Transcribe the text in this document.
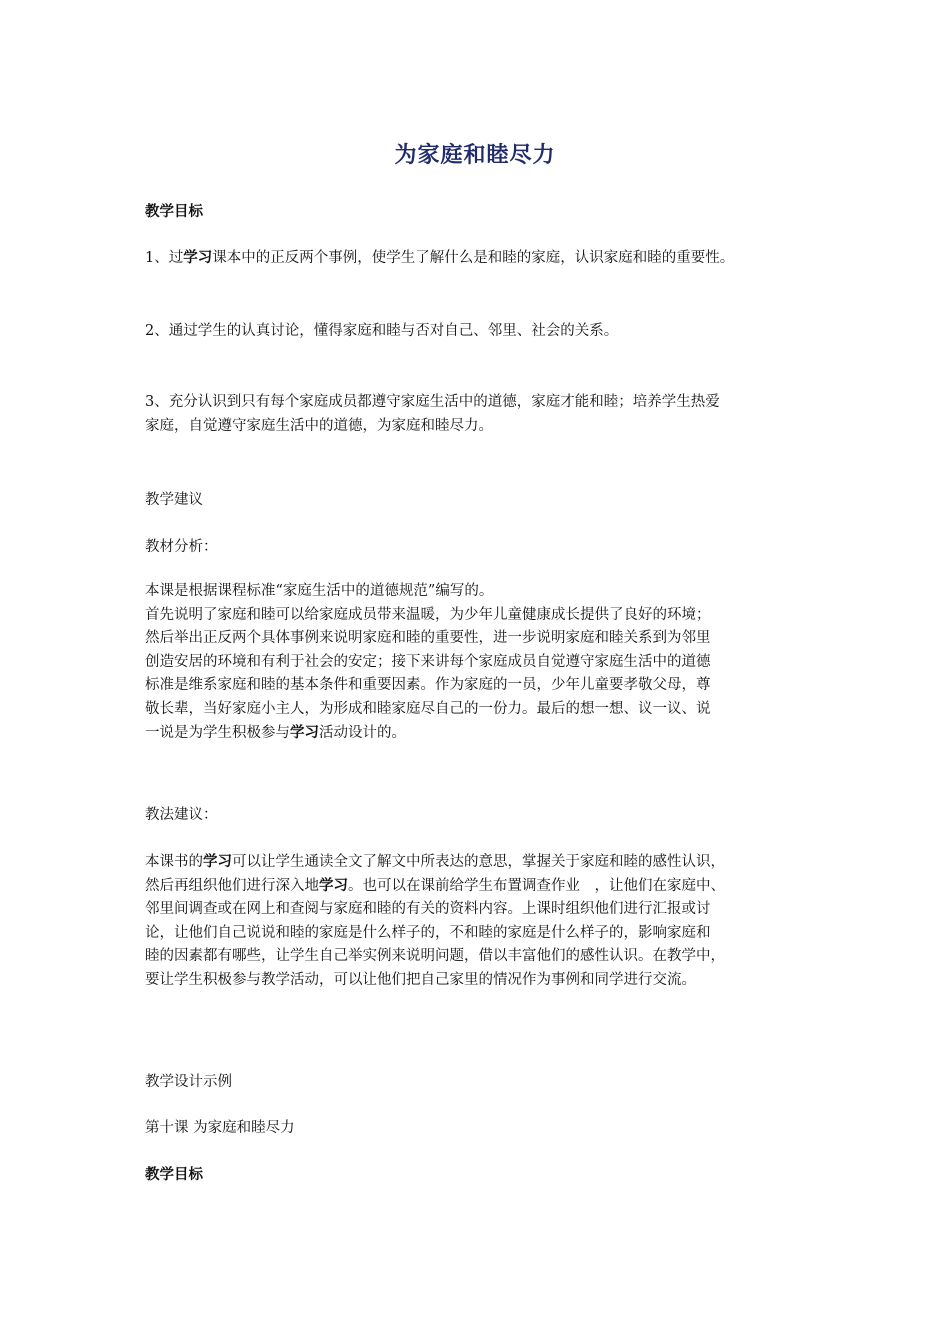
为家庭和睦尽力
教学目标
1、过学习课本中的正反两个事例，使学生了解什么是和睦的家庭，认识家庭和睦的重要性。
2、通过学生的认真讨论，懂得家庭和睦与否对自己、邻里、社会的关系。
3、充分认识到只有每个家庭成员都遵守家庭生活中的道德，家庭才能和睦；培养学生热爱
家庭，自觉遵守家庭生活中的道德，为家庭和睦尽力。
教学建议
教材分析：
本课是根据课程标准“家庭生活中的道德规范”编写的。
首先说明了家庭和睦可以给家庭成员带来温暖，为少年儿童健康成长提供了良好的环境；
然后举出正反两个具体事例来说明家庭和睦的重要性，进一步说明家庭和睦关系到为邻里
创造安居的环境和有利于社会的安定；接下来讲每个家庭成员自觉遵守家庭生活中的道德
标准是维系家庭和睦的基本条件和重要因素。作为家庭的一员，少年儿童要孝敬父母，尊
敬长辈，当好家庭小主人，为形成和睦家庭尽自己的一份力。最后的想一想、议一议、说
一说是为学生积极参与学习活动设计的。
教法建议：
本课书的学习可以让学生通读全文了解文中所表达的意思，掌握关于家庭和睦的感性认识，
然后再组织他们进行深入地学习。也可以在课前给学生布置调查作业　，让他们在家庭中、
邻里间调查或在网上和查阅与家庭和睦的有关的资料内容。上课时组织他们进行汇报或讨
论，让他们自己说说和睦的家庭是什么样子的，不和睦的家庭是什么样子的，影响家庭和
睦的因素都有哪些，让学生自己举实例来说明问题，借以丰富他们的感性认识。在教学中，
要让学生积极参与教学活动，可以让他们把自己家里的情况作为事例和同学进行交流。
教学设计示例
第十课 为家庭和睦尽力
教学目标
